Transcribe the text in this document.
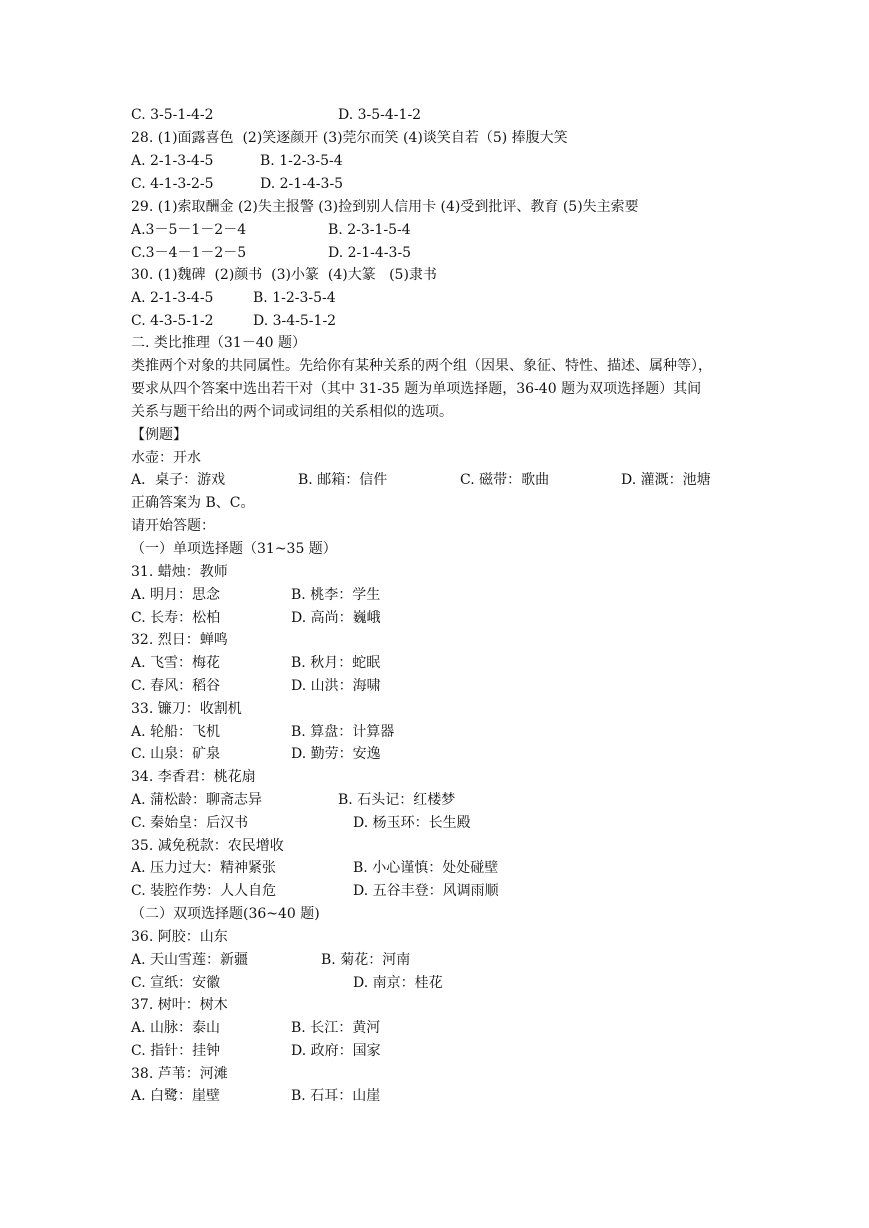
C. 3-5-1-4-2

	D. 3-5-4-1-2

28. (1)面露喜色  (2)笑逐颜开 (3)莞尔而笑 (4)谈笑自若（5) 捧腹大笑

A. 2-1-3-4-5

	B. 1-2-3-5-4

C. 4-1-3-2-5

	D. 2-1-4-3-5

29. (1)索取酬金 (2)失主报警 (3)捡到别人信用卡 (4)受到批评、教育 (5)失主索要

A.3－5－1－2－4

	B. 2-3-1-5-4

C.3－4－1－2－5

	D. 2-1-4-3-5

30. (1)魏碑  (2)颜书  (3)小篆  (4)大篆   (5)隶书

A. 2-1-3-4-5

	B. 1-2-3-5-4

C. 4-3-5-1-2

	D. 3-4-5-1-2

二. 类比推理（31－40 题）
类推两个对象的共同属性。先给你有某种关系的两个组（因果、象征、特性、描述、属种等），
要求从四个答案中选出若干对（其中 31-35 题为单项选择题，36-40 题为双项选择题）其间
关系与题干给出的两个词或词组的关系相似的选项。
【例题】
水壶：开水

A．桌子：游戏

	B. 邮箱：信件

	C. 磁带：歌曲

	D. 灌溉：池塘

正确答案为 B、C。
请开始答题：
（一）单项选择题（31~35 题）
31. 蜡烛：教师

A. 明月：思念

	B. 桃李：学生

C. 长寿：松柏

	D. 高尚：巍峨

32. 烈日：蝉鸣

A. 飞雪：梅花

	B. 秋月：蛇眠

C. 春风：稻谷

	D. 山洪：海啸

33. 镰刀：收割机

A. 轮船：飞机

	B. 算盘：计算器

C. 山泉：矿泉

	D. 勤劳：安逸

34. 李香君：桃花扇

A. 蒲松龄：聊斋志异

	B. 石头记：红楼梦

C. 秦始皇：后汉书

	D. 杨玉环：长生殿

35. 减免税款：农民增收

A. 压力过大：精神紧张

	B. 小心谨慎：处处碰壁

C. 装腔作势：人人自危

	D. 五谷丰登：风调雨顺

（二）双项选择题(36~40 题)
36. 阿胶：山东

A. 天山雪莲：新疆

	B. 菊花：河南

C. 宣纸：安徽

	D. 南京：桂花

37. 树叶：树木

A. 山脉：泰山

	B. 长江：黄河

C. 指针：挂钟

	D. 政府：国家

38. 芦苇：河滩

A. 白鹭：崖壁

	B. 石耳：山崖
